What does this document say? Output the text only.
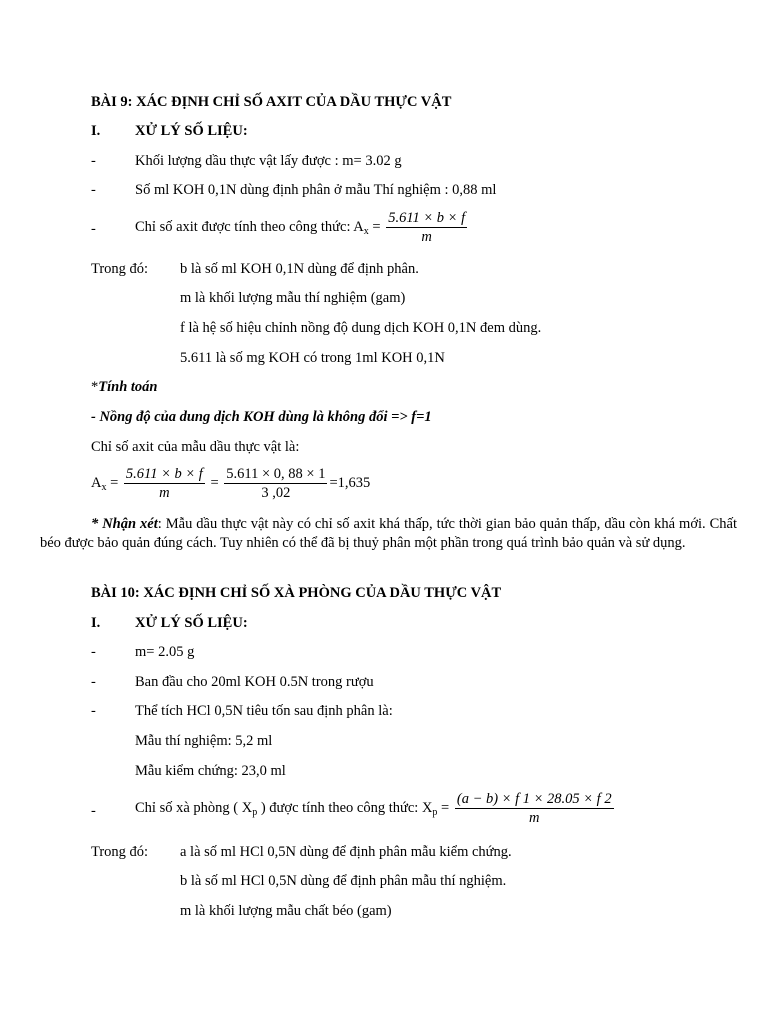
BÀI 9: XÁC ĐỊNH CHỈ SỐ AXIT CỦA DẦU THỰC VẬT
I. XỬ LÝ SỐ LIỆU:
-	Khối lượng dầu thực vật lấy được : m= 3.02 g
-	Số ml KOH 0,1N dùng định phân ở mẫu Thí nghiệm : 0,88 ml
-	Chỉ số axit được tính theo công thức: $A_x = \frac{5.611 \times b \times f}{m}$
Trong đó: b là số ml KOH 0,1N dùng để định phân.
m là khối lượng mẫu thí nghiệm (gam)
f là hệ số hiệu chỉnh nồng độ dung dịch KOH 0,1N đem dùng.
5.611 là số mg KOH có trong 1ml KOH 0,1N
*Tính toán
- Nồng độ của dung dịch KOH dùng là không đổi => f=1
Chỉ số axit của mẫu dầu thực vật là:
$A_x = \frac{5.611 \times b \times f}{m} = \frac{5.611 \times 0, 88 \times 1}{3 ,02} =1,635$
* Nhận xét: Mẫu dầu thực vật này có chỉ số axit khá thấp, tức thời gian bảo quản thấp, dầu còn khá mới. Chất béo được bảo quản đúng cách. Tuy nhiên có thể đã bị thuỷ phân một phần trong quá trình bảo quản và sử dụng.
BÀI 10: XÁC ĐỊNH CHỈ SỐ XÀ PHÒNG CỦA DẦU THỰC VẬT
I. XỬ LÝ SỐ LIỆU:
-	m= 2.05 g
-	Ban đầu cho 20ml KOH 0.5N trong rượu
-	Thể tích HCl 0,5N tiêu tốn sau định phân là:
Mẫu thí nghiệm: 5,2 ml
Mẫu kiểm chứng: 23,0 ml
-	Chỉ số xà phòng ( $X_p$ ) được tính theo công thức: $X_p = \frac{(a - b) \times f 1 \times 28.05 \times f 2}{m}$
Trong đó: a là số ml HCl 0,5N dùng để định phân mẫu kiểm chứng.
b là số ml HCl 0,5N dùng để định phân mẫu thí nghiệm.
m là khối lượng mẫu chất béo (gam)
